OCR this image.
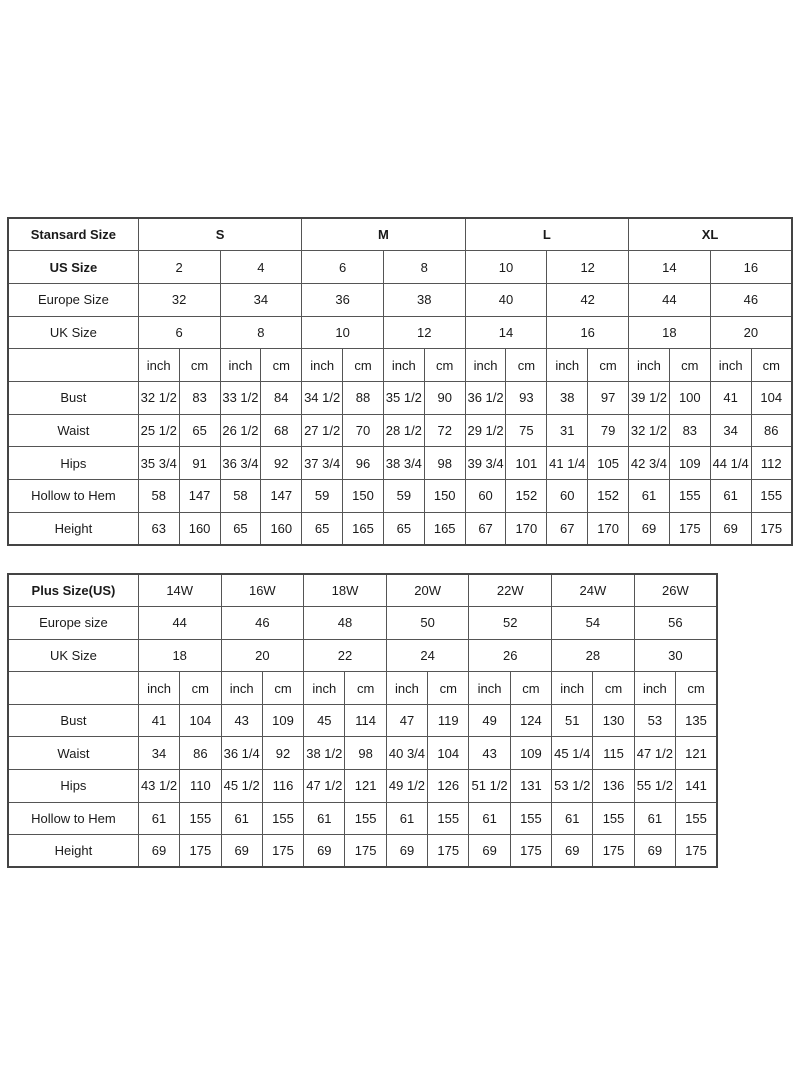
Stansard Size	S				M				L				XL			
US Size	2		4		6		8		10		12		14		16	
Europe Size	32		34		36		38		40		42		44		46	
UK Size	6		8		10		12		14		16		18		20	
	inch	cm	inch	cm	inch	cm	inch	cm	inch	cm	inch	cm	inch	cm	inch	cm
Bust	32 1/2	83	33 1/2	84	34 1/2	88	35 1/2	90	36 1/2	93	38	97	39 1/2	100	41	104
Waist	25 1/2	65	26 1/2	68	27 1/2	70	28 1/2	72	29 1/2	75	31	79	32 1/2	83	34	86
Hips	35 3/4	91	36 3/4	92	37 3/4	96	38 3/4	98	39 3/4	101	41 1/4	105	42 3/4	109	44 1/4	112
Hollow to Hem	58	147	58	147	59	150	59	150	60	152	60	152	61	155	61	155
Height	63	160	65	160	65	165	65	165	67	170	67	170	69	175	69	175
Plus Size(US)	14W		16W		18W		20W		22W		24W		26W	
Europe size	44		46		48		50		52		54		56	
UK Size	18		20		22		24		26		28		30	
	inch	cm	inch	cm	inch	cm	inch	cm	inch	cm	inch	cm	inch	cm
Bust	41	104	43	109	45	114	47	119	49	124	51	130	53	135
Waist	34	86	36 1/4	92	38 1/2	98	40 3/4	104	43	109	45 1/4	115	47 1/2	121
Hips	43 1/2	110	45 1/2	116	47 1/2	121	49 1/2	126	51 1/2	131	53 1/2	136	55 1/2	141
Hollow to Hem	61	155	61	155	61	155	61	155	61	155	61	155	61	155
Height	69	175	69	175	69	175	69	175	69	175	69	175	69	175
